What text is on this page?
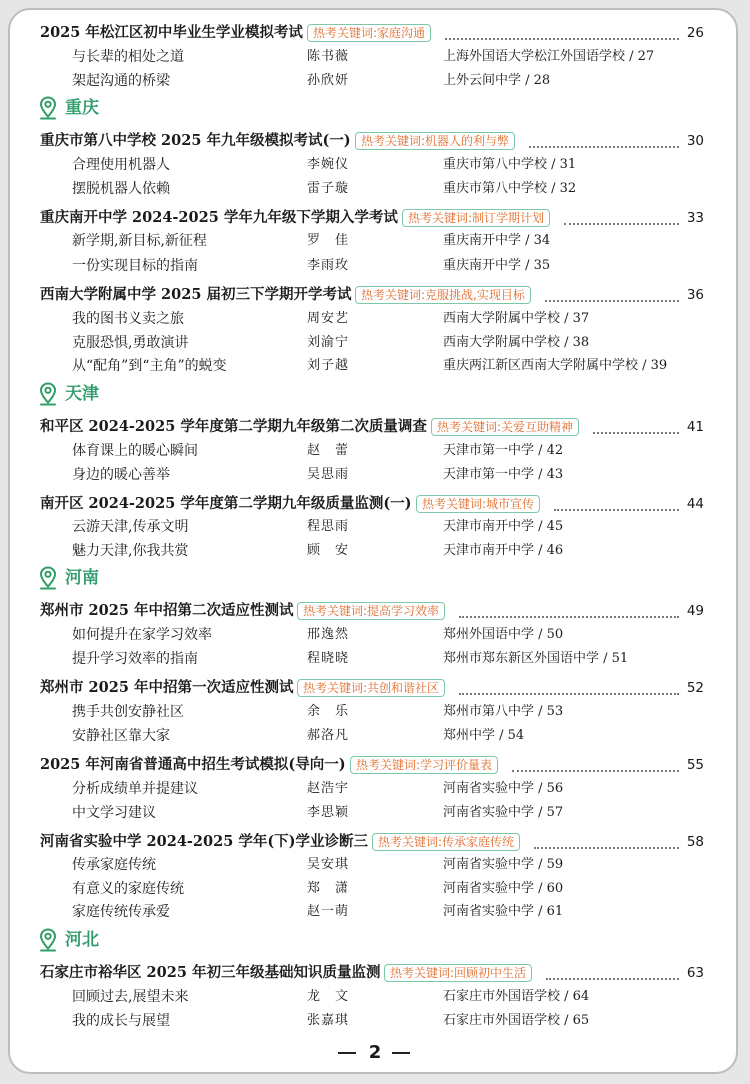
2025 年松江区初中毕业生学业模拟考试 热考关键词:家庭沟通	26
与长辈的相处之道	陈书薇	上海外国语大学松江外国语学校 / 27
架起沟通的桥梁	孙欣妍	上外云间中学 / 28
重庆
重庆市第八中学校 2025 年九年级模拟考试(一) 热考关键词:机器人的利与弊	30
合理使用机器人	李婉仪	重庆市第八中学校 / 31
摆脱机器人依赖	雷子璇	重庆市第八中学校 / 32
重庆南开中学 2024-2025 学年九年级下学期入学考试 热考关键词:制订学期计划	33
新学期,新目标,新征程	罗　佳	重庆南开中学 / 34
一份实现目标的指南	李雨玫	重庆南开中学 / 35
西南大学附属中学 2025 届初三下学期开学考试 热考关键词:克服挑战,实现目标	36
我的图书义卖之旅	周安艺	西南大学附属中学校 / 37
克服恐惧,勇敢演讲	刘渝宁	西南大学附属中学校 / 38
从“配角”到“主角”的蜕变	刘子越	重庆两江新区西南大学附属中学校 / 39
天津
和平区 2024-2025 学年度第二学期九年级第二次质量调查 热考关键词:关爱互助精神	41
体育课上的暖心瞬间	赵　蕾	天津市第一中学 / 42
身边的暖心善举	吴思雨	天津市第一中学 / 43
南开区 2024-2025 学年度第二学期九年级质量监测(一) 热考关键词:城市宣传	44
云游天津,传承文明	程思雨	天津市南开中学 / 45
魅力天津,你我共赏	顾　安	天津市南开中学 / 46
河南
郑州市 2025 年中招第二次适应性测试 热考关键词:提高学习效率	49
如何提升在家学习效率	邢逸然	郑州外国语中学 / 50
提升学习效率的指南	程晓晓	郑州市郑东新区外国语中学 / 51
郑州市 2025 年中招第一次适应性测试 热考关键词:共创和谐社区	52
携手共创安静社区	余　乐	郑州市第八中学 / 53
安静社区靠大家	郝洛凡	郑州中学 / 54
2025 年河南省普通高中招生考试模拟(导向一) 热考关键词:学习评价量表	55
分析成绩单并提建议	赵浩宇	河南省实验中学 / 56
中文学习建议	李思颖	河南省实验中学 / 57
河南省实验中学 2024-2025 学年(下)学业诊断三 热考关键词:传承家庭传统	58
传承家庭传统	吴安琪	河南省实验中学 / 59
有意义的家庭传统	郑　潇	河南省实验中学 / 60
家庭传统传承爱	赵一萌	河南省实验中学 / 61
河北
石家庄市裕华区 2025 年初三年级基础知识质量监测 热考关键词:回顾初中生活	63
回顾过去,展望未来	龙　文	石家庄市外国语学校 / 64
我的成长与展望	张嘉琪	石家庄市外国语学校 / 65
2
